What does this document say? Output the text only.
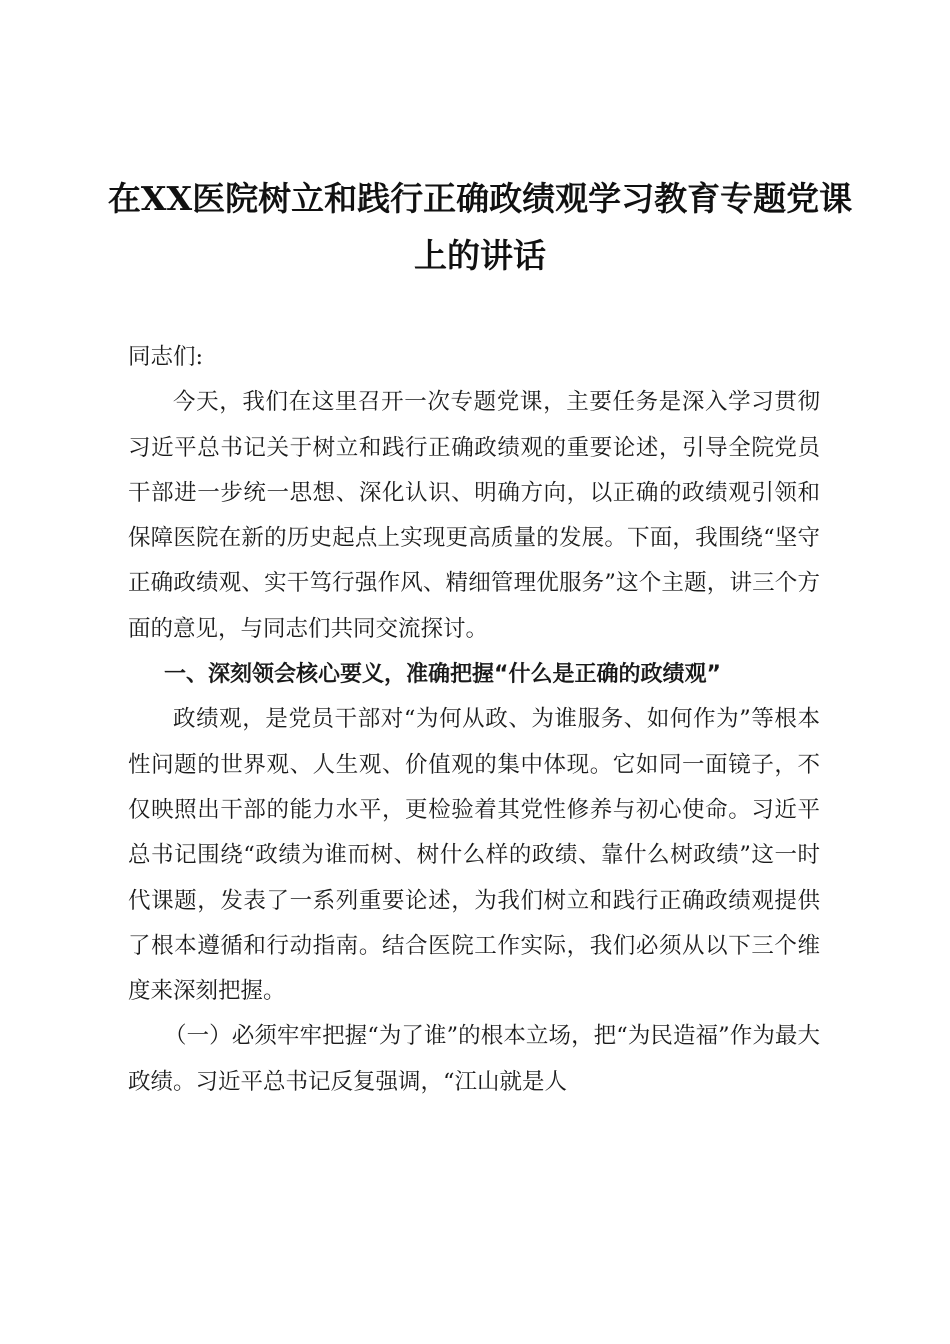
在XX医院树立和践行正确政绩观学习教育专题党课上的讲话

同志们:

今天，我们在这里召开一次专题党课，主要任务是深入学习贯彻习近平总书记关于树立和践行正确政绩观的重要论述，引导全院党员干部进一步统一思想、深化认识、明确方向，以正确的政绩观引领和保障医院在新的历史起点上实现更高质量的发展。下面，我围绕“坚守正确政绩观、实干笃行强作风、精细管理优服务”这个主题，讲三个方面的意见，与同志们共同交流探讨。

一、深刻领会核心要义，准确把握“什么是正确的政绩观”

政绩观，是党员干部对“为何从政、为谁服务、如何作为”等根本性问题的世界观、人生观、价值观的集中体现。它如同一面镜子，不仅映照出干部的能力水平，更检验着其党性修养与初心使命。习近平总书记围绕“政绩为谁而树、树什么样的政绩、靠什么树政绩”这一时代课题，发表了一系列重要论述，为我们树立和践行正确政绩观提供了根本遵循和行动指南。结合医院工作实际，我们必须从以下三个维度来深刻把握。

（一）必须牢牢把握“为了谁”的根本立场，把“为民造福”作为最大政绩。习近平总书记反复强调，“江山就是人
